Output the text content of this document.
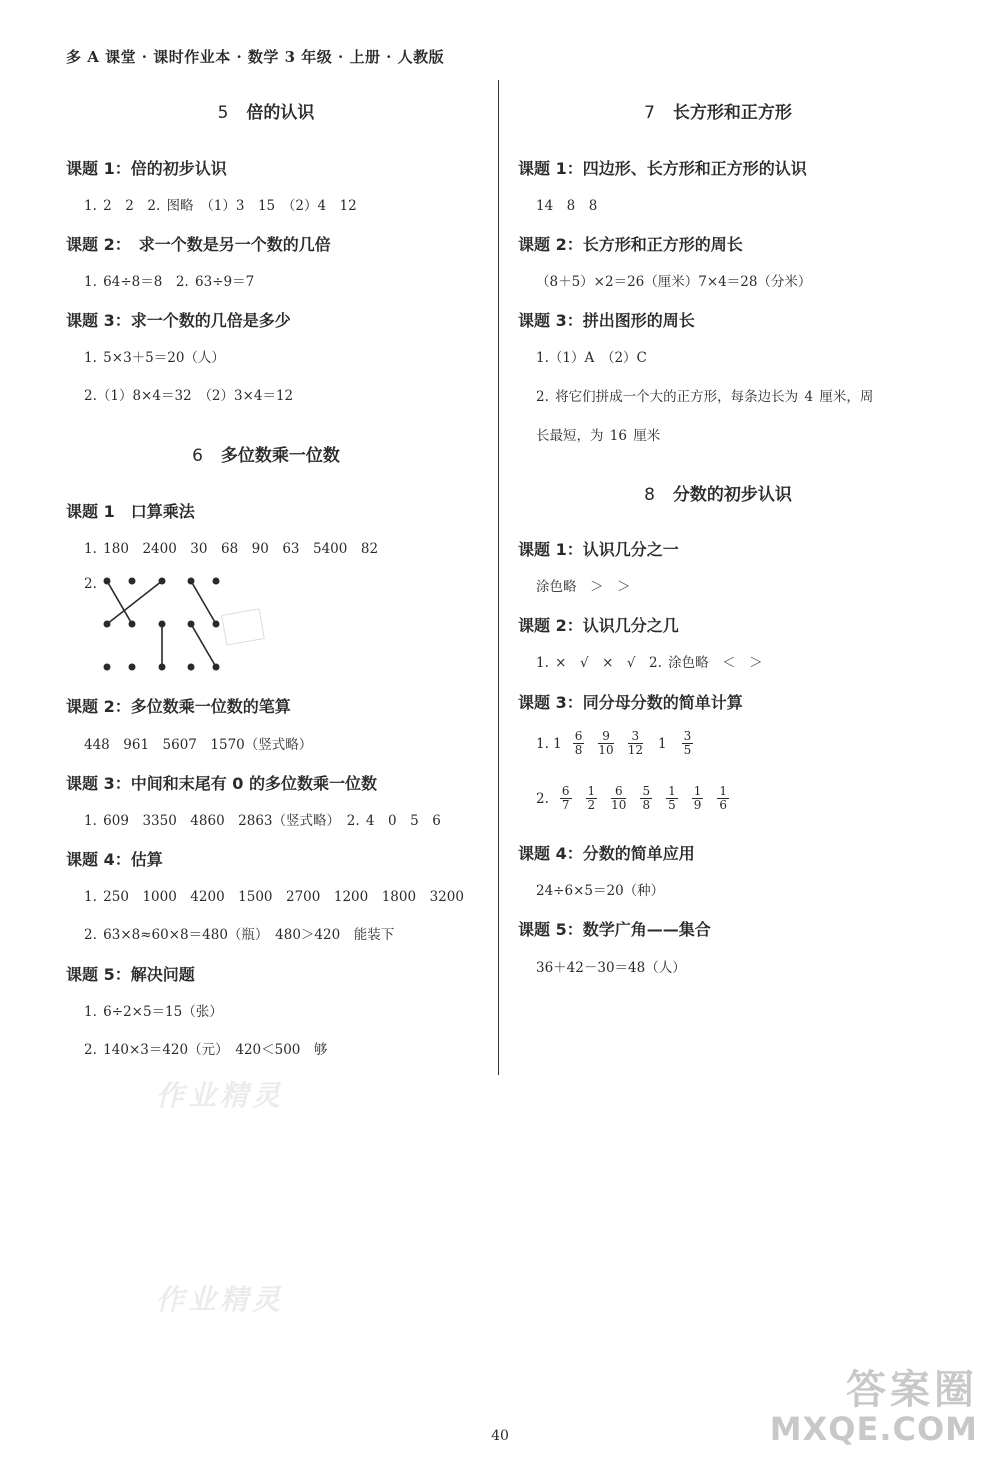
多 A 课堂 · 课时作业本 · 数学 3 年级 · 上册 · 人教版
5 倍的认识
课题 1：倍的初步认识
1. 2　2　2. 图略　（1）3　15　（2）4　12
课题 2：　求一个数是另一个数的几倍
1. 64÷8＝8　2. 63÷9＝7
课题 3：求一个数的几倍是多少
1. 5×3＋5＝20（人）
2.（1）8×4＝32　（2）3×4＝12
6 多位数乘一位数
课题 1　口算乘法
1. 180　2400　30　68　90　63　5400　82
2.
课题 2：多位数乘一位数的笔算
448　961　5607　1570（竖式略）
课题 3：中间和末尾有 0 的多位数乘一位数
1. 609　3350　4860　2863（竖式略）　2. 4　0　5　6
课题 4：估算
1. 250　1000　4200　1500　2700　1200　1800　3200
2. 63×8≈60×8＝480（瓶）　480＞420　能装下
课题 5：解决问题
1. 6÷2×5＝15（张）
2. 140×3＝420（元）　420＜500　够
7 长方形和正方形
课题 1：四边形、长方形和正方形的认识
14　8　8
课题 2：长方形和正方形的周长
（8＋5）×2＝26（厘米）7×4＝28（分米）
课题 3：拼出图形的周长
1.（1）A　（2）C
2. 将它们拼成一个大的正方形，每条边长为 4 厘米，周
长最短，为 16 厘米
8 分数的初步认识
课题 1：认识几分之一
涂色略　＞　＞
课题 2：认识几分之几
1. ×　√　×　√　2. 涂色略　＜　＞
课题 3：同分母分数的简单计算
1. $1 \frac{6}{8} \frac{9}{10} \frac{3}{12} 1 \frac{3}{5}$
2. $\frac{6}{7} \frac{1}{2} \frac{6}{10} \frac{5}{8} \frac{1}{5} \frac{1}{9} \frac{1}{6}$
课题 4：分数的简单应用
24÷6×5＝20（种）
课题 5：数学广角——集合
36＋42－30＝48（人）
作业精灵
作业精灵
40
答案圈
MXQE.COM
